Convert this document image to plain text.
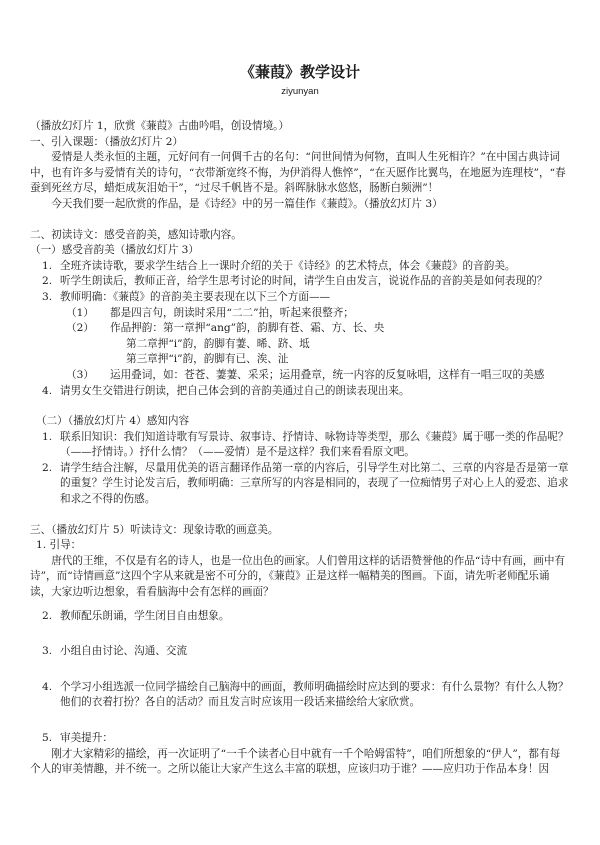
《蒹葭》教学设计
ziyunyan

（播放幻灯片 1，欣赏《蒹葭》古曲吟唱，创设情境。）

一、引入课题：（播放幻灯片 2）

爱情是人类永恒的主题，元好问有一问倜千古的名句：“问世间情为何物，直叫人生死相许？”在中国古典诗词中，也有许多与爱情有关的诗句，“衣带渐宽终不悔，为伊消得人憔悴”，“在天愿作比翼鸟，在地愿为连理枝”，“春蚕到死丝方尽，蜡炬成灰泪始干”，“过尽千帆皆不是。斜晖脉脉水悠悠，肠断白频洲”！

今天我们要一起欣赏的作品，是《诗经》中的另一篇佳作《蒹葭》。（播放幻灯片 3）

二、初读诗文：感受音韵美，感知诗歌内容。

（一）感受音韵美（播放幻灯片 3）

1. 全班齐读诗歌，要求学生结合上一课时介绍的关于《诗经》的艺术特点，体会《蒹葭》的音韵美。
2. 听学生朗读后，教师正音，给学生思考讨论的时间，请学生自由发言，说说作品的音韵美是如何表现的？
3. 教师明确：《蒹葭》的音韵美主要表现在以下三个方面——
（1）	都是四言句，朗读时采用“二二”拍，听起来很整齐；
（2）	作品押韵：第一章押“ang”韵，韵脚有苍、霜、方、长、央

第二章押“i”韵，韵脚有萋、晞、跻、坻

第三章押“i”韵，韵脚有已、涘、沚

（3）	运用叠词，如：苍苍、萋萋、采采；运用叠章，统一内容的反复咏唱，这样有一唱三叹的美感
4. 请男女生交错进行朗读，把自己体会到的音韵美通过自己的朗读表现出来。

（二）（播放幻灯片 4）感知内容

1. 联系旧知识：我们知道诗歌有写景诗、叙事诗、抒情诗、咏物诗等类型，那么《蒹葭》属于哪一类的作品呢？（——抒情诗。）抒什么情？（——爱情）是不是这样？我们来看看原文吧。
2. 请学生结合注解，尽量用优美的语言翻译作品第一章的内容后，引导学生对比第二、三章的内容是否是第一章的重复？学生讨论发言后，教师明确：三章所写的内容是相同的，表现了一位痴情男子对心上人的爱恋、追求和求之不得的伤感。

三、（播放幻灯片 5）听读诗文：现象诗歌的画意美。

1. 引导：

唐代的王维，不仅是有名的诗人，也是一位出色的画家。人们曾用这样的话语赞誉他的作品“诗中有画，画中有诗”，而“诗情画意”这四个字从来就是密不可分的，《蒹葭》正是这样一幅精美的图画。下面，请先听老师配乐诵读，大家边听边想象，看看脑海中会有怎样的画面？

2. 教师配乐朗诵，学生闭目自由想象。
3. 小组自由讨论、沟通、交流
4. 个学习小组选派一位同学描绘自己脑海中的画面，教师明确描绘时应达到的要求：有什么景物？有什么人物？他们的衣着打扮？各自的活动？而且发言时应该用一段话来描绘给大家欣赏。
5. 审美提升：

刚才大家精彩的描绘，再一次证明了“一千个读者心目中就有一千个哈姆雷特”，咱们所想象的“伊人”，都有每个人的审美情趣，并不统一。之所以能让大家产生这么丰富的联想，应该归功于谁？——应归功于作品本身！因
